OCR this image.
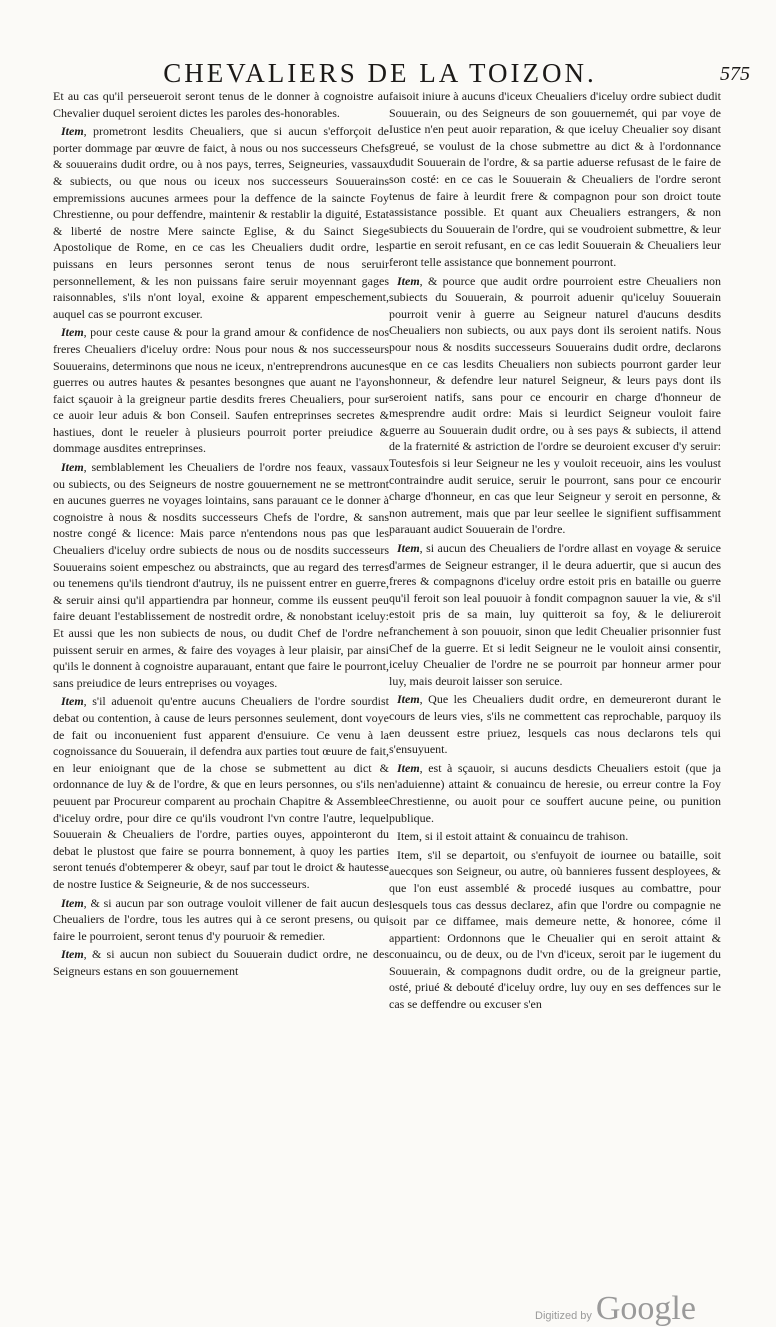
CHEVALIERS DE LA TOIZON.	575

Et au cas qu'il perseueroit seront tenus de le donner à cognoistre au Chevalier duquel seroient dictes les paroles des-honorables.

Item, prometront lesdits Cheualiers, que si aucun s'efforçoit de porter dommage par œuvre de faict, à nous ou nos successeurs Chefs & souuerains dudit ordre, ou à nos pays, terres, Seigneuries, vassaux & subiects, ou que nous ou iceux nos successeurs Souuerains empremissions aucunes armees pour la deffence de la saincte Foy Chrestienne, ou pour deffendre, maintenir & restablir la diguité, Estat & liberté de nostre Mere saincte Eglise, & du Sainct Siege Apostolique de Rome, en ce cas les Cheualiers dudit ordre, les puissans en leurs personnes seront tenus de nous seruir personnellement, & les non puissans faire seruir moyennant gages raisonnables, s'ils n'ont loyal, exoine & apparent empeschement, auquel cas se pourront excuser.

Item, pour ceste cause & pour la grand amour & confidence de nos freres Cheualiers d'iceluy ordre: Nous pour nous & nos successeurs Souuerains, determinons que nous ne iceux, n'entreprendrons aucunes guerres ou autres hautes & pesantes besongnes que auant ne l'ayons faict sçauoir à la greigneur partie desdits freres Cheualiers, pour sur ce auoir leur aduis & bon Conseil. Saufen entreprinses secretes & hastiues, dont le reueler à plusieurs pourroit porter preiudice & dommage ausdites entreprinses.

Item, semblablement les Cheualiers de l'ordre nos feaux, vassaux ou subiects, ou des Seigneurs de nostre gouuernement ne se mettront en aucunes guerres ne voyages lointains, sans parauant ce le donner à cognoistre à nous & nosdits successeurs Chefs de l'ordre, & sans nostre congé & licence: Mais parce n'entendons nous pas que les Cheualiers d'iceluy ordre subiects de nous ou de nosdits successeurs Souuerains soient empeschez ou abstraincts, que au regard des terres ou tenemens qu'ils tiendront d'autruy, ils ne puissent entrer en guerre, & seruir ainsi qu'il appartiendra par honneur, comme ils eussent peu faire deuant l'establissement de nostredit ordre, & nonobstant iceluy: Et aussi que les non subiects de nous, ou dudit Chef de l'ordre ne puissent seruir en armes, & faire des voyages à leur plaisir, par ainsi qu'ils le donnent à cognoistre auparauant, entant que faire le pourront, sans preiudice de leurs entreprises ou voyages.

Item, s'il aduenoit qu'entre aucuns Cheualiers de l'ordre sourdist debat ou contention, à cause de leurs personnes seulement, dont voye de fait ou inconuenient fust apparent d'ensuiure. Ce venu à la cognoissance du Souuerain, il defendra aux parties tout œuure de fait, en leur enioignant que de la chose se submettent au dict & ordonnance de luy & de l'ordre, & que en leurs personnes, ou s'ils ne peuuent par Procureur comparent au prochain Chapitre & Assemblee d'iceluy ordre, pour dire ce qu'ils voudront l'vn contre l'autre, lequel Souuerain & Cheualiers de l'ordre, parties ouyes, appointeront du debat le plustost que faire se pourra bonnement, à quoy les parties seront tenués d'obtemperer & obeyr, sauf par tout le droict & hautesse de nostre Iustice & Seigneurie, & de nos successeurs.

Item, & si aucun par son outrage vouloit villener de fait aucun des Cheualiers de l'ordre, tous les autres qui à ce seront presens, ou qui faire le pourroient, seront tenus d'y pouruoir & remedier.

Item, & si aucun non subiect du Souuerain dudict ordre, ne des Seigneurs estans en son gouuernement

faisoit iniure à aucuns d'iceux Cheualiers d'iceluy ordre subiect dudit Souuerain, ou des Seigneurs de son gouuernemét, qui par voye de Iustice n'en peut auoir reparation, & que iceluy Cheualier soy disant greué, se voulust de la chose submettre au dict & à l'ordonnance dudit Souuerain de l'ordre, & sa partie aduerse refusast de le faire de son costé: en ce cas le Souuerain & Cheualiers de l'ordre seront tenus de faire à leurdit frere & compagnon pour son droict toute assistance possible. Et quant aux Cheualiers estrangers, & non subiects du Souuerain de l'ordre, qui se voudroient submettre, & leur partie en seroit refusant, en ce cas ledit Souuerain & Cheualiers leur feront telle assistance que bonnement pourront.

Item, & pource que audit ordre pourroient estre Cheualiers non subiects du Souuerain, & pourroit aduenir qu'iceluy Souuerain pourroit venir à guerre au Seigneur naturel d'aucuns desdits Cheualiers non subiects, ou aux pays dont ils seroient natifs. Nous pour nous & nosdits successeurs Souuerains dudit ordre, declarons que en ce cas lesdits Cheualiers non subiects pourront garder leur honneur, & defendre leur naturel Seigneur, & leurs pays dont ils seroient natifs, sans pour ce encourir en charge d'honneur de mesprendre audit ordre: Mais si leurdict Seigneur vouloit faire guerre au Souuerain dudit ordre, ou à ses pays & subiects, il attend de la fraternité & astriction de l'ordre se deuroient excuser d'y seruir: Toutesfois si leur Seigneur ne les y vouloit receuoir, ains les voulust contraindre audit seruice, seruir le pourront, sans pour ce encourir charge d'honneur, en cas que leur Seigneur y seroit en personne, & non autrement, mais que par leur seellee le signifient suffisamment parauant audict Souuerain de l'ordre.

Item, si aucun des Cheualiers de l'ordre allast en voyage & seruice d'armes de Seigneur estranger, il le deura aduertir, que si aucun des freres & compagnons d'iceluy ordre estoit pris en bataille ou guerre qu'il feroit son leal pouuoir à fondit compagnon sauuer la vie, & s'il estoit pris de sa main, luy quitteroit sa foy, & le deliureroit franchement à son pouuoir, sinon que ledit Cheualier prisonnier fust Chef de la guerre. Et si ledit Seigneur ne le vouloit ainsi consentir, iceluy Cheualier de l'ordre ne se pourroit par honneur armer pour luy, mais deuroit laisser son seruice.

Item, Que les Cheualiers dudit ordre, en demeureront durant le cours de leurs vies, s'ils ne commettent cas reprochable, parquoy ils en deussent estre priuez, lesquels cas nous declarons tels qui s'ensuyuent.

Item, est à sçauoir, si aucuns desdicts Cheualiers estoit (que ja n'aduienne) attaint & conuaincu de heresie, ou erreur contre la Foy Chrestienne, ou auoit pour ce souffert aucune peine, ou punition publique.

Item, si il estoit attaint & conuaincu de trahison.

Item, s'il se departoit, ou s'enfuyoit de iournee ou bataille, soit auecques son Seigneur, ou autre, où bannieres fussent desployees, & que l'on eust assemblé & procedé iusques au combattre, pour lesquels tous cas dessus declarez, afin que l'ordre ou compagnie ne soit par ce diffamee, mais demeure nette, & honoree, cóme il appartient: Ordonnons que le Cheualier qui en seroit attaint & conuaincu, ou de deux, ou de l'vn d'iceux, seroit par le iugement du Souuerain, & compagnons dudit ordre, ou de la greigneur partie, osté, priué & debouté d'iceluy ordre, luy ouy en ses deffences sur le cas se deffendre ou excuser s'en

Digitized by Google
